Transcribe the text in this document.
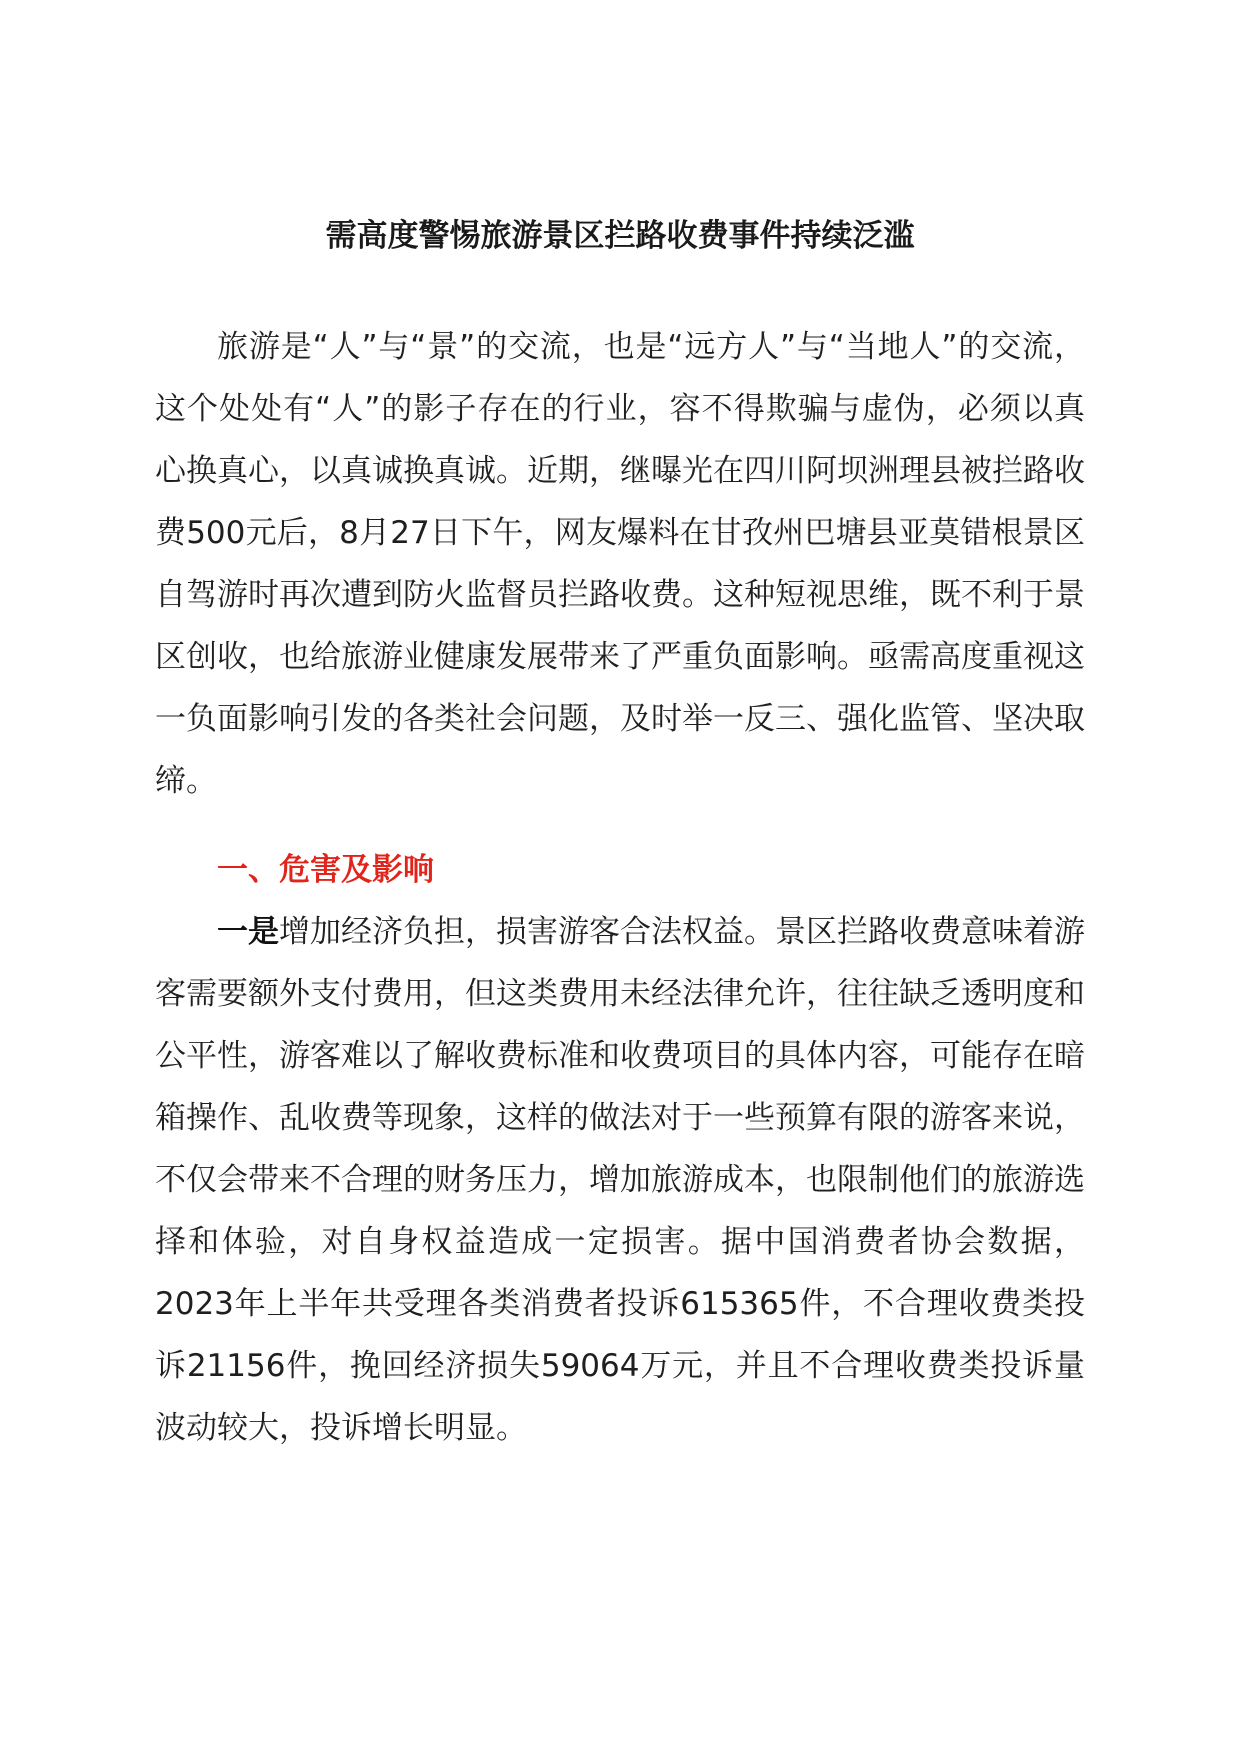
需高度警惕旅游景区拦路收费事件持续泛滥

旅游是“人”与“景”的交流，也是“远方人”与“当地人”的交流，这个处处有“人”的影子存在的行业，容不得欺骗与虚伪，必须以真心换真心，以真诚换真诚。近期，继曝光在四川阿坝洲理县被拦路收费500元后，8月27日下午，网友爆料在甘孜州巴塘县亚莫错根景区自驾游时再次遭到防火监督员拦路收费。这种短视思维，既不利于景区创收，也给旅游业健康发展带来了严重负面影响。亟需高度重视这一负面影响引发的各类社会问题，及时举一反三、强化监管、坚决取缔。

一、危害及影响

一是增加经济负担，损害游客合法权益。景区拦路收费意味着游客需要额外支付费用，但这类费用未经法律允许，往往缺乏透明度和公平性，游客难以了解收费标准和收费项目的具体内容，可能存在暗箱操作、乱收费等现象，这样的做法对于一些预算有限的游客来说，不仅会带来不合理的财务压力，增加旅游成本，也限制他们的旅游选择和体验，对自身权益造成一定损害。据中国消费者协会数据，2023年上半年共受理各类消费者投诉615365件，不合理收费类投诉21156件，挽回经济损失59064万元，并且不合理收费类投诉量波动较大，投诉增长明显。
